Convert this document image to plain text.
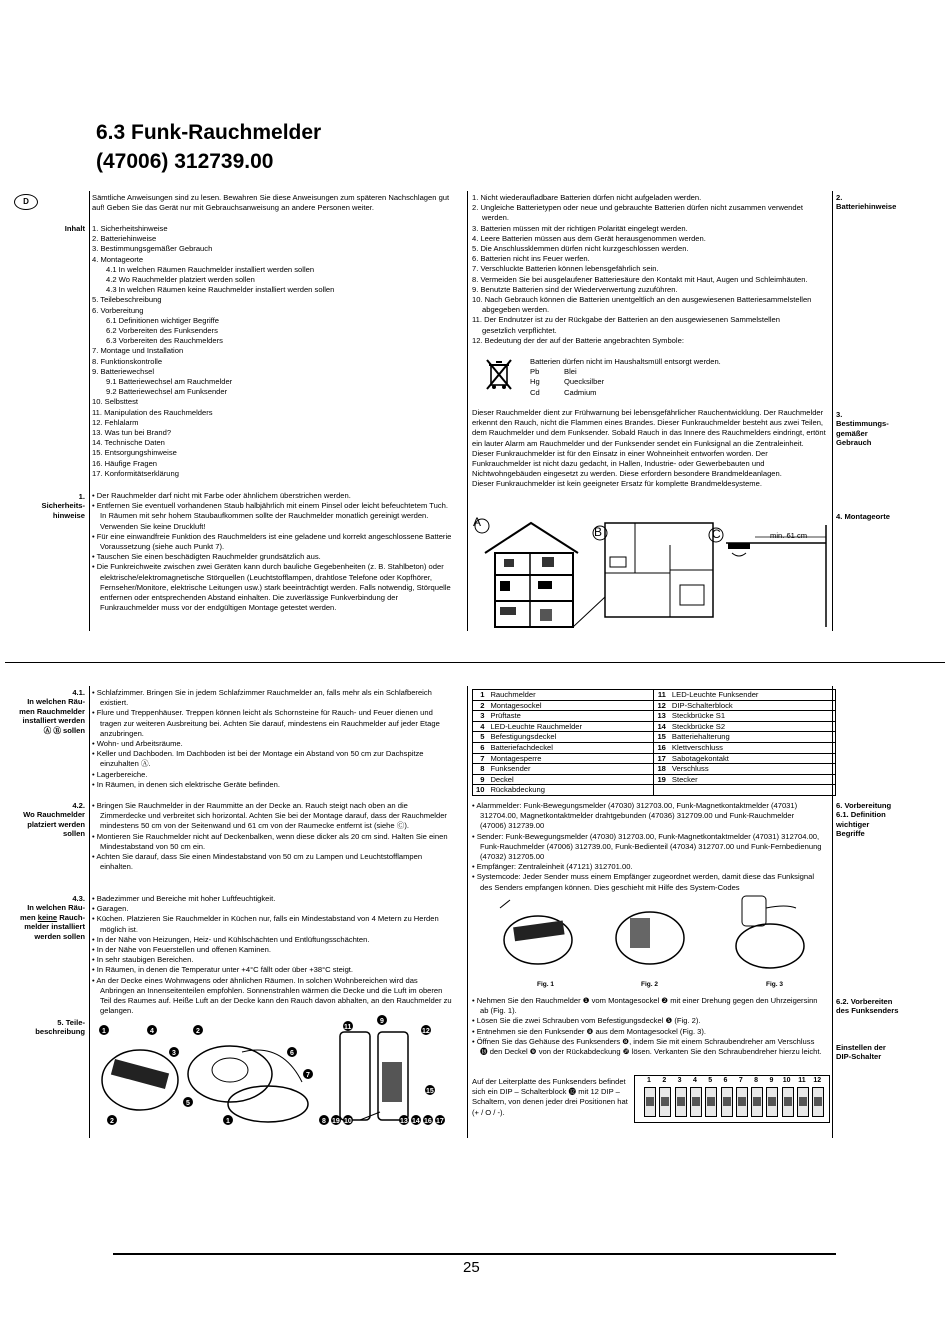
6.3 Funk-Rauchmelder
(47006) 312739.00
D	Sämtliche Anweisungen sind zu lesen. Bewahren Sie diese Anweisungen zum späteren Nachschlagen gut auf! Geben Sie das Gerät nur mit Gebrauchsanweisung an andere Personen weiter.
Inhalt 1. Sicherheitshinweise
2. Batteriehinweise
3. Bestimmungsgemäßer Gebrauch
4. Montageorte
4.1 In welchen Räumen Rauchmelder installiert werden sollen
4.2 Wo Rauchmelder platziert werden sollen
4.3 In welchen Räumen keine Rauchmelder installiert werden sollen
5. Teilebeschreibung
6. Vorbereitung
6.1 Definitionen wichtiger Begriffe
6.2 Vorbereiten des Funksenders
6.3 Vorbereiten des Rauchmelders
7. Montage und Installation
8. Funktionskontrolle
9. Batteriewechsel
9.1 Batteriewechsel am Rauchmelder
9.2 Batteriewechsel am Funksender
10. Selbsttest
11. Manipulation des Rauchmelders
12. Fehlalarm
13. Was tun bei Brand?
14. Technische Daten
15. Entsorgungshinweise
16. Häufige Fragen
17. Konformitätserklärung
1.
Sicherheits-
hinweise
• Der Rauchmelder darf nicht mit Farbe oder ähnlichem überstrichen werden.
• Entfernen Sie eventuell vorhandenen Staub halbjährlich mit einem Pinsel oder leicht befeuchtetem Tuch. In Räumen mit sehr hohem Staubaufkommen sollte der Rauchmelder monatlich gereinigt werden. Verwenden Sie keine Druckluft!
• Für eine einwandfreie Funktion des Rauchmelders ist eine geladene und korrekt angeschlossene Batterie Voraussetzung (siehe auch Punkt 7).
• Tauschen Sie einen beschädigten Rauchmelder grundsätzlich aus.
• Die Funkreichweite zwischen zwei Geräten kann durch bauliche Gegebenheiten (z. B. Stahlbeton) oder elektrische/elektromagnetische Störquellen (Leuchtstofflampen, drahtlose Telefone oder Kopfhörer, Fernseher/Monitore, elektrische Leitungen usw.) stark beeinträchtigt werden. Falls notwendig, Störquelle entfernen oder entsprechenden Abstand einhalten. Die zuverlässige Funkverbindung der Funkrauchmelder muss vor der endgültigen Montage getestet werden.
1. Nicht wiederaufladbare Batterien dürfen nicht aufgeladen werden.
2. Ungleiche Batterietypen oder neue und gebrauchte Batterien dürfen nicht zusammen verwendet werden.
3. Batterien müssen mit der richtigen Polarität eingelegt werden.
4. Leere Batterien müssen aus dem Gerät herausgenommen werden.
5. Die Anschlussklemmen dürfen nicht kurzgeschlossen werden.
6. Batterien nicht ins Feuer werfen.
7. Verschluckte Batterien können lebensgefährlich sein.
8. Vermeiden Sie bei ausgelaufener Batteriesäure den Kontakt mit Haut, Augen und Schleimhäuten.
9. Benutzte Batterien sind der Wiederverwertung zuzuführen.
10. Nach Gebrauch können die Batterien unentgeltlich an den ausgewiesenen Batteriesammelstellen abgegeben werden.
11. Der Endnutzer ist zu der Rückgabe der Batterien an den ausgewiesenen Sammelstellen gesetzlich verpflichtet.
12. Bedeutung der der auf der Batterie angebrachten Symbole:
2.
Batteriehinweise
Batterien dürfen nicht im Haushaltsmüll entsorgt werden.
Pb	Blei
Hg	Quecksilber
Cd	Cadmium
Dieser Rauchmelder dient zur Frühwarnung bei lebensgefährlicher Rauchentwicklung. Der Rauchmelder erkennt den Rauch, nicht die Flammen eines Brandes. Dieser Funkrauchmelder besteht aus zwei Teilen, dem Rauchmelder und dem Funksender. Sobald Rauch in das Innere des Rauchmelders eindringt, ertönt ein lauter Alarm am Rauchmelder und der Funksender sendet ein Funksignal an die Zentraleinheit.
Dieser Funkrauchmelder ist für den Einsatz in einer Wohneinheit entworfen worden. Der Funkrauchmelder ist nicht dazu gedacht, in Hallen, Industrie- oder Gewerbebauten und Nichtwohngebäuden eingesetzt zu werden. Diese erfordern besondere Brandmeldeanlagen.
Dieser Funkrauchmelder ist kein geeigneter Ersatz für komplette Brandmeldesysteme.
3.
Bestimmungs-
gemäßer
Gebrauch
4. Montageorte
A
B	C	min. 61 cm
4.1.
In welchen Räu-
men Rauchmelder
installiert werden
Ⓐ Ⓑ sollen
• Schlafzimmer. Bringen Sie in jedem Schlafzimmer Rauchmelder an, falls mehr als ein Schlafbereich existiert.
• Flure und Treppenhäuser. Treppen können leicht als Schornsteine für Rauch- und Feuer dienen und tragen zur weiteren Ausbreitung bei. Achten Sie darauf, mindestens ein Rauchmelder auf jeder Etage anzubringen.
• Wohn- und Arbeitsräume.
• Keller und Dachboden. Im Dachboden ist bei der Montage ein Abstand von 50 cm zur Dachspitze einzuhalten Ⓐ.
• Lagerbereiche.
• In Räumen, in denen sich elektrische Geräte befinden.
4.2.
Wo Rauchmelder
platziert werden
sollen
• Bringen Sie Rauchmelder in der Raummitte an der Decke an. Rauch steigt nach oben an die Zimmerdecke und verbreitet sich horizontal. Achten Sie bei der Montage darauf, dass der Rauchmelder mindestens 50 cm von der Seitenwand und 61 cm von der Raumecke entfernt ist (siehe Ⓒ).
• Montieren Sie Rauchmelder nicht auf Deckenbalken, wenn diese dicker als 20 cm sind. Halten Sie einen Mindestabstand von 50 cm ein.
• Achten Sie darauf, dass Sie einen Mindestabstand von 50 cm zu Lampen und Leuchtstofflampen einhalten.
4.3.
In welchen Räu-
men keine Rauch-
melder installiert
werden sollen
• Badezimmer und Bereiche mit hoher Luftfeuchtigkeit.
• Garagen.
• Küchen. Platzieren Sie Rauchmelder in Küchen nur, falls ein Mindestabstand von 4 Metern zu Herden möglich ist.
• In der Nähe von Heizungen, Heiz- und Kühlschächten und Entlüftungsschächten.
• In der Nähe von Feuerstellen und offenen Kaminen.
• In sehr staubigen Bereichen.
• In Räumen, in denen die Temperatur unter +4°C fällt oder über +38°C steigt.
• An der Decke eines Wohnwagens oder ähnlichen Räumen. In solchen Wohnbereichen wird das Anbringen an Innenseitenteilen empfohlen. Sonnenstrahlen wärmen die Decke und die Luft im oberen Teil des Raumes auf. Heiße Luft an der Decke kann den Rauch davon abhalten, an den Rauchmelder zu gelangen.
5. Teile-
beschreibung 1	4
3
2
2
5
6
7
1
11
9
12
15
8 19 10	13 14 16 17
1	Rauchmelder	11	LED-Leuchte Funksender
2	Montagesockel	12	DIP-Schalterblock
3	Prüftaste	13	Steckbrücke S1
4	LED-Leuchte Rauchmelder	14	Steckbrücke S2
5	Befestigungsdeckel	15	Batteriehalterung
6	Batteriefachdeckel	16	Klettverschluss
7	Montagesperre	17	Sabotagekontakt
8	Funksender	18	Verschluss
9	Deckel	19	Stecker
10	Rückabdeckung		
• Alarmmelder: Funk-Bewegungsmelder (47030) 312703.00, Funk-Magnetkontaktmelder (47031) 312704.00, Magnetkontaktmelder drahtgebunden (47036) 312709.00 und Funk-Rauchmelder (47006) 312739.00
• Sender: Funk-Bewegungsmelder (47030) 312703.00, Funk-Magnetkontaktmelder (47031) 312704.00, Funk-Rauchmelder (47006) 312739.00, Funk-Bedienteil (47034) 312707.00 und Funk-Fernbedienung (47032) 312705.00
• Empfänger: Zentraleinheit (47121) 312701.00.
• Systemcode: Jeder Sender muss einem Empfänger zugeordnet werden, damit diese das Funksignal des Senders empfangen können. Dies geschieht mit Hilfe des System-Codes
6. Vorbereitung
6.1. Definition
wichtiger
Begriffe
Fig. 1	Fig. 2	Fig. 3
• Nehmen Sie den Rauchmelder ❶ vom Montagesockel ❷ mit einer Drehung gegen den Uhrzeigersinn ab (Fig. 1).
• Lösen Sie die zwei Schrauben vom Befestigungsdeckel ❺ (Fig. 2).
• Entnehmen sie den Funksender ❽ aus dem Montagesockel (Fig. 3).
• Öffnen Sie das Gehäuse des Funksenders ❽, indem Sie mit einem Schraubendreher am Verschluss ⓲ den Deckel ❾ von der Rückabdeckung ❿ lösen. Verkanten Sie den Schraubendreher hierzu leicht.
6.2. Vorbereiten
des Funksenders
Einstellen der
DIP-Schalter
Auf der Leiterplatte des Funksenders befindet sich ein DIP – Schalterblock ⓬ mit 12 DIP – Schaltern, von denen jeder drei Positionen hat (+ / O / -).
1	2	3	4	5	6	7	8	9	10	11	12
25
